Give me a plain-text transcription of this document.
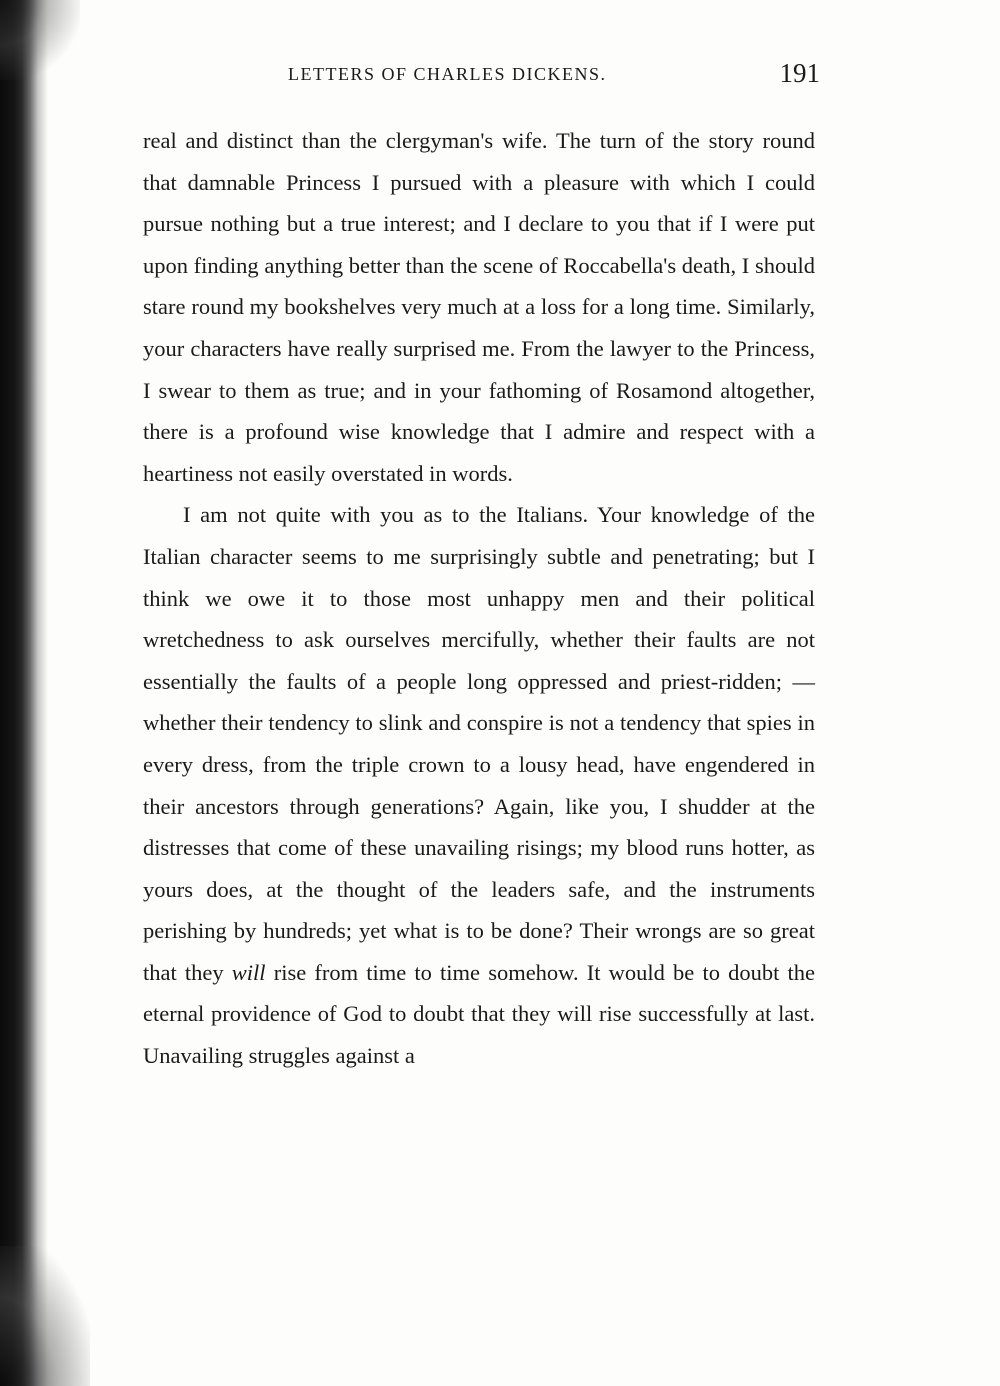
LETTERS OF CHARLES DICKENS.	191

real and distinct than the clergyman's wife. The turn of the story round that damnable Princess I pursued with a pleasure with which I could pursue nothing but a true interest; and I declare to you that if I were put upon finding anything better than the scene of Roccabella's death, I should stare round my bookshelves very much at a loss for a long time. Similarly, your characters have really surprised me. From the lawyer to the Princess, I swear to them as true; and in your fathoming of Rosamond altogether, there is a profound wise knowledge that I admire and respect with a heartiness not easily overstated in words.

I am not quite with you as to the Italians. Your knowledge of the Italian character seems to me surprisingly subtle and penetrating; but I think we owe it to those most unhappy men and their political wretchedness to ask ourselves mercifully, whether their faults are not essentially the faults of a people long oppressed and priest-ridden; —whether their tendency to slink and conspire is not a tendency that spies in every dress, from the triple crown to a lousy head, have engendered in their ancestors through generations? Again, like you, I shudder at the distresses that come of these unavailing risings; my blood runs hotter, as yours does, at the thought of the leaders safe, and the instruments perishing by hundreds; yet what is to be done? Their wrongs are so great that they will rise from time to time somehow. It would be to doubt the eternal providence of God to doubt that they will rise successfully at last. Unavailing struggles against a
